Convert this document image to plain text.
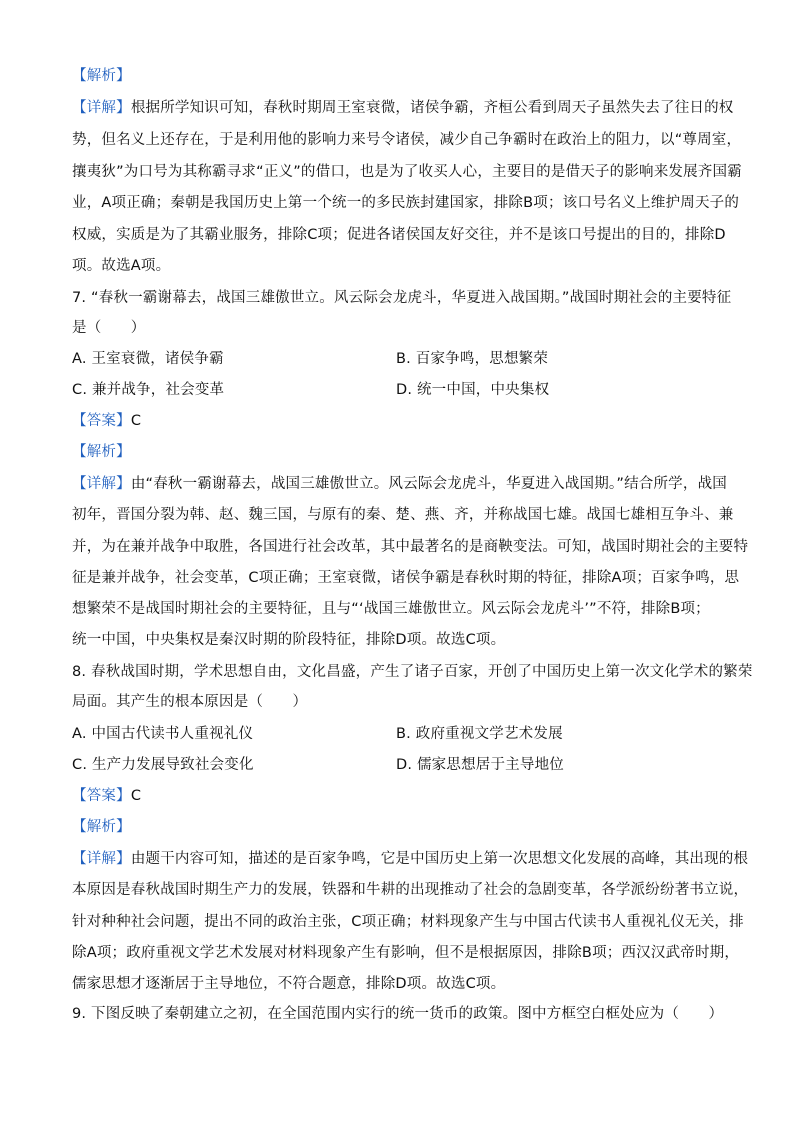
【解析】
【详解】根据所学知识可知，春秋时期周王室衰微，诸侯争霸，齐桓公看到周天子虽然失去了往日的权
势，但名义上还存在，于是利用他的影响力来号令诸侯，减少自己争霸时在政治上的阻力，以“尊周室，
攘夷狄”为口号为其称霸寻求“正义”的借口，也是为了收买人心，主要目的是借天子的影响来发展齐国霸
业，A项正确；秦朝是我国历史上第一个统一的多民族封建国家，排除B项；该口号名义上维护周天子的
权威，实质是为了其霸业服务，排除C项；促进各诸侯国友好交往，并不是该口号提出的目的，排除D
项。故选A项。
7. “春秋一霸谢幕去，战国三雄傲世立。风云际会龙虎斗，华夏进入战国期。”战国时期社会的主要特征
是（　　）
A. 王室衰微，诸侯争霸	B. 百家争鸣，思想繁荣
C. 兼并战争，社会变革	D. 统一中国，中央集权
【答案】C
【解析】
【详解】由“春秋一霸谢幕去，战国三雄傲世立。风云际会龙虎斗，华夏进入战国期。”结合所学，战国
初年，晋国分裂为韩、赵、魏三国，与原有的秦、楚、燕、齐，并称战国七雄。战国七雄相互争斗、兼
并，为在兼并战争中取胜，各国进行社会改革，其中最著名的是商鞅变法。可知，战国时期社会的主要特
征是兼并战争，社会变革，C项正确；王室衰微，诸侯争霸是春秋时期的特征，排除A项；百家争鸣，思
想繁荣不是战国时期社会的主要特征，且与“‘战国三雄傲世立。风云际会龙虎斗’”不符，排除B项；
统一中国，中央集权是秦汉时期的阶段特征，排除D项。故选C项。
8. 春秋战国时期，学术思想自由，文化昌盛，产生了诸子百家，开创了中国历史上第一次文化学术的繁荣
局面。其产生的根本原因是（　　）
A. 中国古代读书人重视礼仪	B. 政府重视文学艺术发展
C. 生产力发展导致社会变化	D. 儒家思想居于主导地位
【答案】C
【解析】
【详解】由题干内容可知，描述的是百家争鸣，它是中国历史上第一次思想文化发展的高峰，其出现的根
本原因是春秋战国时期生产力的发展，铁器和牛耕的出现推动了社会的急剧变革，各学派纷纷著书立说，
针对种种社会问题，提出不同的政治主张，C项正确；材料现象产生与中国古代读书人重视礼仪无关，排
除A项；政府重视文学艺术发展对材料现象产生有影响，但不是根据原因，排除B项；西汉汉武帝时期，
儒家思想才逐渐居于主导地位，不符合题意，排除D项。故选C项。
9. 下图反映了秦朝建立之初，在全国范围内实行的统一货币的政策。图中方框空白框处应为（　　）
